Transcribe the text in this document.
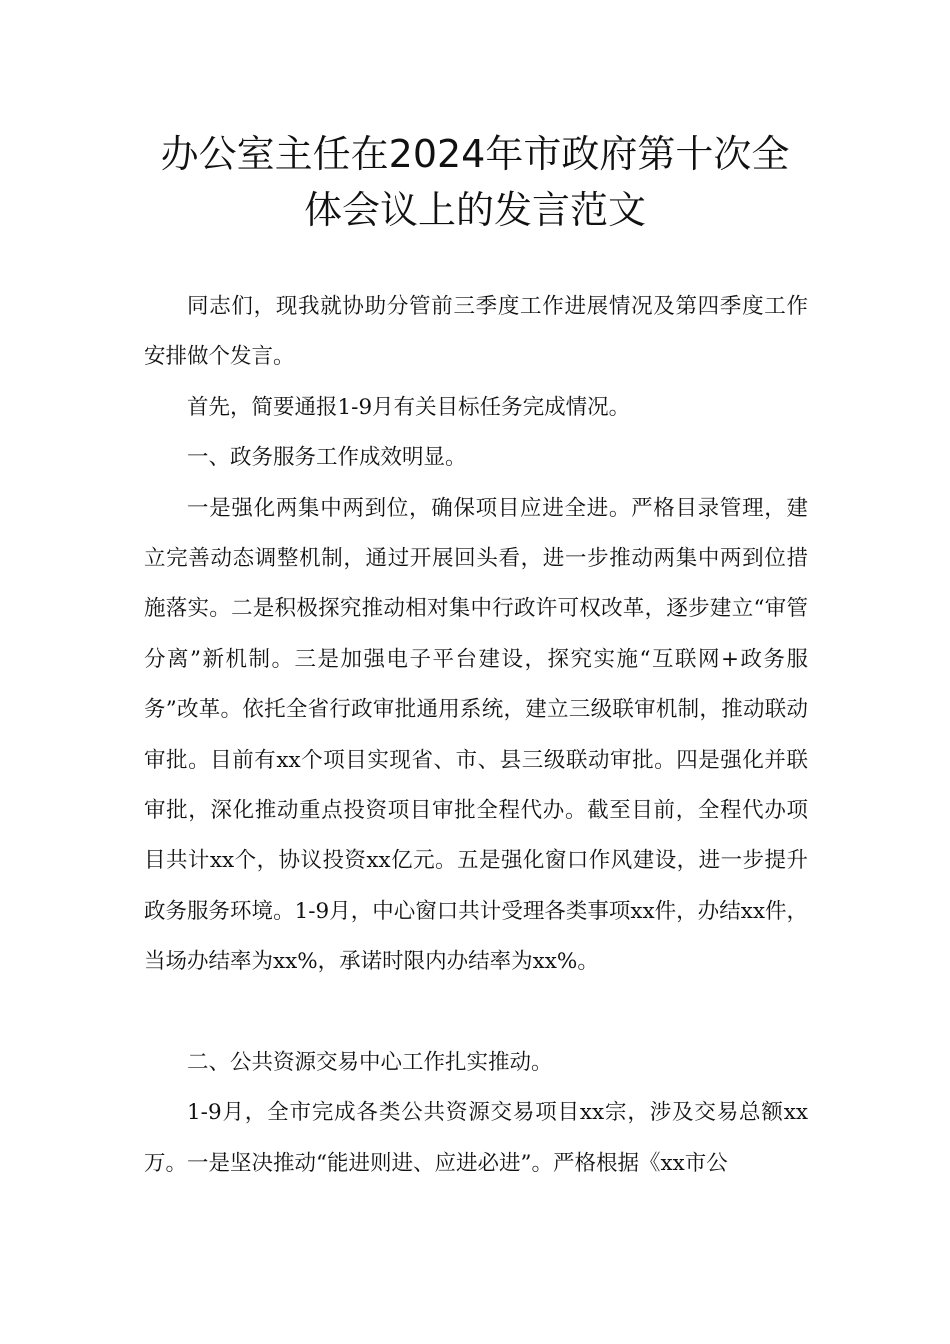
办公室主任在2024年市政府第十次全
体会议上的发言范文

同志们，现我就协助分管前三季度工作进展情况及第四季度工作安排做个发言。

首先，简要通报1-9月有关目标任务完成情况。

一、政务服务工作成效明显。

一是强化两集中两到位，确保项目应进全进。严格目录管理，建立完善动态调整机制，通过开展回头看，进一步推动两集中两到位措施落实。二是积极探究推动相对集中行政许可权改革，逐步建立“审管分离”新机制。三是加强电子平台建设，探究实施“互联网+政务服务”改革。依托全省行政审批通用系统，建立三级联审机制，推动联动审批。目前有xx个项目实现省、市、县三级联动审批。四是强化并联审批，深化推动重点投资项目审批全程代办。截至目前，全程代办项目共计xx个，协议投资xx亿元。五是强化窗口作风建设，进一步提升政务服务环境。1-9月，中心窗口共计受理各类事项xx件，办结xx件，当场办结率为xx%，承诺时限内办结率为xx%。

二、公共资源交易中心工作扎实推动。

1-9月，全市完成各类公共资源交易项目xx宗，涉及交易总额xx万。一是坚决推动“能进则进、应进必进”。严格根据《xx市公
